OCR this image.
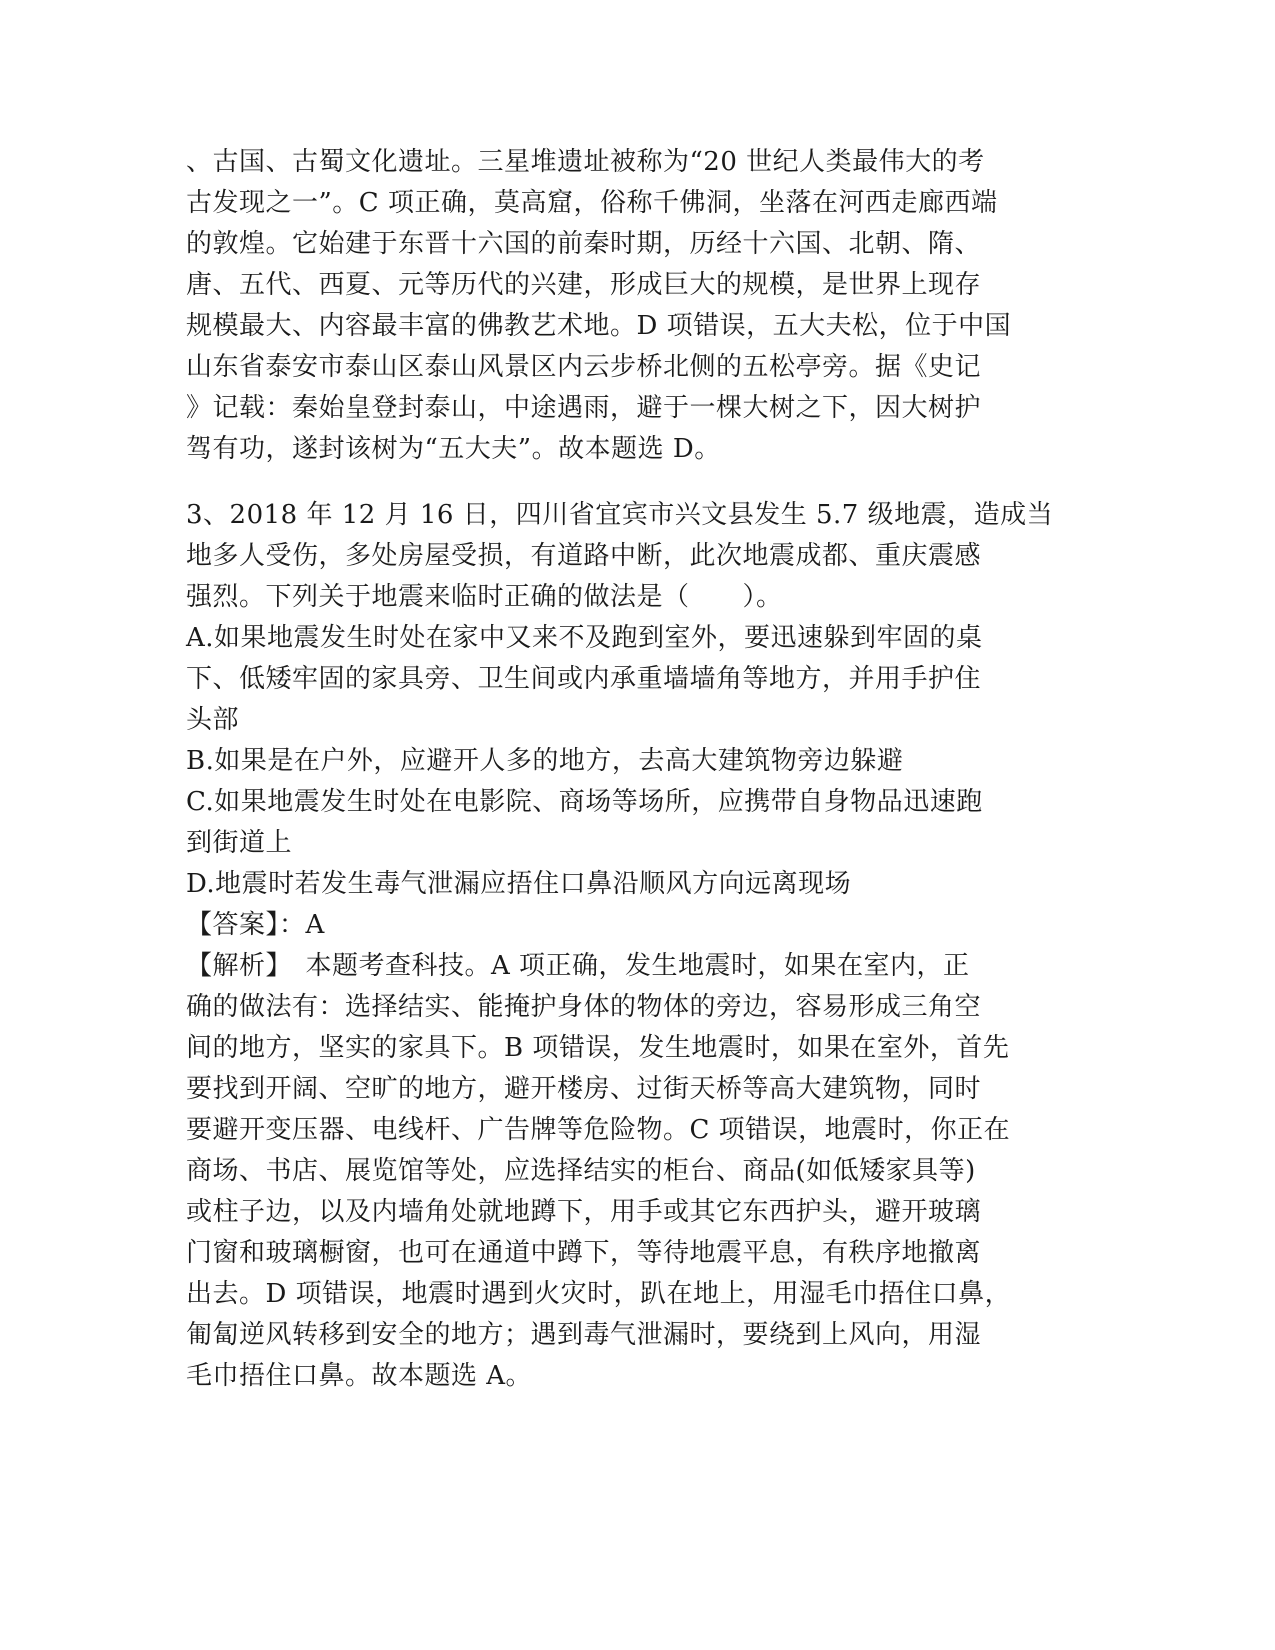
、古国、古蜀文化遗址。三星堆遗址被称为“20 世纪人类最伟大的考
古发现之一”。C 项正确，莫高窟，俗称千佛洞，坐落在河西走廊西端
的敦煌。它始建于东晋十六国的前秦时期，历经十六国、北朝、隋、
唐、五代、西夏、元等历代的兴建，形成巨大的规模，是世界上现存
规模最大、内容最丰富的佛教艺术地。D 项错误，五大夫松，位于中国
山东省泰安市泰山区泰山风景区内云步桥北侧的五松亭旁。据《史记
》记载：秦始皇登封泰山，中途遇雨，避于一棵大树之下，因大树护
驾有功，遂封该树为“五大夫”。故本题选 D。
3、2018 年 12 月 16 日，四川省宜宾市兴文县发生 5.7 级地震，造成当
地多人受伤，多处房屋受损，有道路中断，此次地震成都、重庆震感
强烈。下列关于地震来临时正确的做法是（　　）。
A.如果地震发生时处在家中又来不及跑到室外，要迅速躲到牢固的桌
下、低矮牢固的家具旁、卫生间或内承重墙墙角等地方，并用手护住
头部
B.如果是在户外，应避开人多的地方，去高大建筑物旁边躲避
C.如果地震发生时处在电影院、商场等场所，应携带自身物品迅速跑
到街道上
D.地震时若发生毒气泄漏应捂住口鼻沿顺风方向远离现场
【答案】：A
【解析】　本题考查科技。A 项正确，发生地震时，如果在室内，正
确的做法有：选择结实、能掩护身体的物体的旁边，容易形成三角空
间的地方，坚实的家具下。B 项错误，发生地震时，如果在室外，首先
要找到开阔、空旷的地方，避开楼房、过街天桥等高大建筑物，同时
要避开变压器、电线杆、广告牌等危险物。C 项错误，地震时，你正在
商场、书店、展览馆等处，应选择结实的柜台、商品(如低矮家具等)
或柱子边，以及内墙角处就地蹲下，用手或其它东西护头，避开玻璃
门窗和玻璃橱窗，也可在通道中蹲下，等待地震平息，有秩序地撤离
出去。D 项错误，地震时遇到火灾时，趴在地上，用湿毛巾捂住口鼻，
匍匐逆风转移到安全的地方；遇到毒气泄漏时，要绕到上风向，用湿
毛巾捂住口鼻。故本题选 A。
